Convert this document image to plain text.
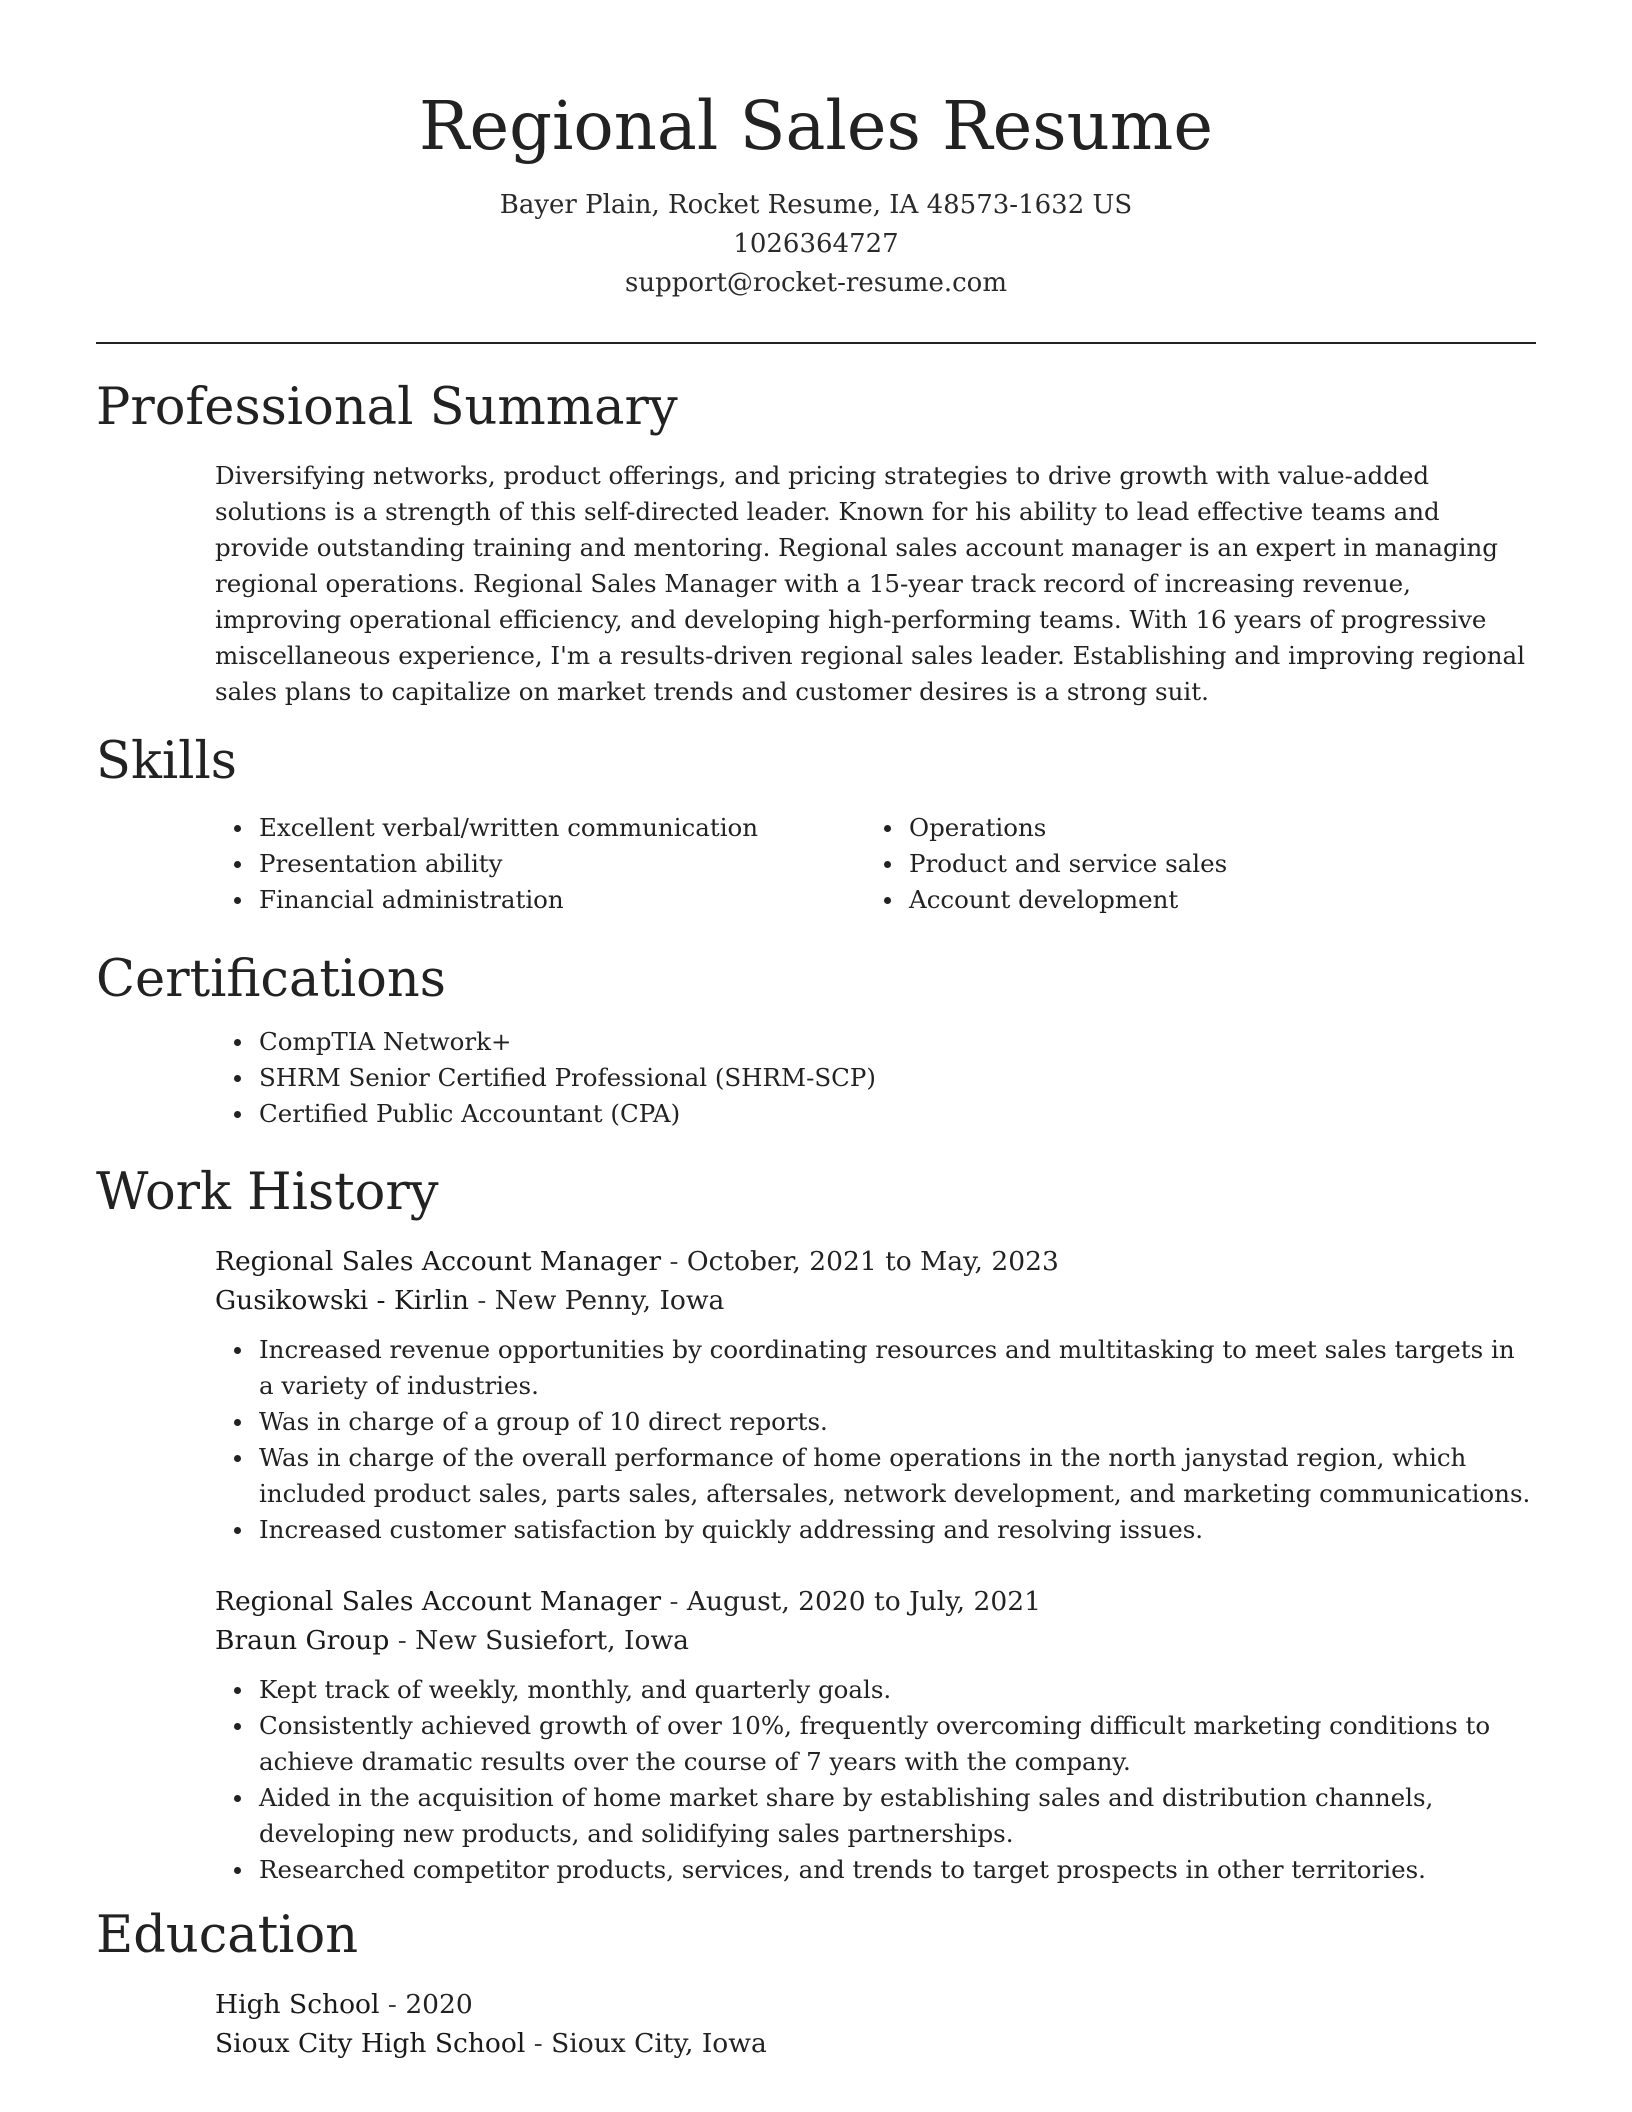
Regional Sales Resume
Bayer Plain, Rocket Resume, IA 48573-1632 US
1026364727
support@rocket-resume.com
Professional Summary

Diversifying networks, product offerings, and pricing strategies to drive growth with value-added solutions is a strength of this self-directed leader. Known for his ability to lead effective teams and provide outstanding training and mentoring. Regional sales account manager is an expert in managing regional operations. Regional Sales Manager with a 15-year track record of increasing revenue, improving operational efficiency, and developing high-performing teams. With 16 years of progressive miscellaneous experience, I'm a results-driven regional sales leader. Establishing and improving regional sales plans to capitalize on market trends and customer desires is a strong suit.

Skills
Excellent verbal/written communication
Presentation ability
Financial administration
Operations
Product and service sales
Account development
Certifications
CompTIA Network+
SHRM Senior Certified Professional (SHRM-SCP)
Certified Public Accountant (CPA)
Work History
Regional Sales Account Manager - October, 2021 to May, 2023
Gusikowski - Kirlin - New Penny, Iowa
Increased revenue opportunities by coordinating resources and multitasking to meet sales targets in a variety of industries.
Was in charge of a group of 10 direct reports.
Was in charge of the overall performance of home operations in the north janystad region, which included product sales, parts sales, aftersales, network development, and marketing communications.
Increased customer satisfaction by quickly addressing and resolving issues.
Regional Sales Account Manager - August, 2020 to July, 2021
Braun Group - New Susiefort, Iowa
Kept track of weekly, monthly, and quarterly goals.
Consistently achieved growth of over 10%, frequently overcoming difficult marketing conditions to achieve dramatic results over the course of 7 years with the company.
Aided in the acquisition of home market share by establishing sales and distribution channels, developing new products, and solidifying sales partnerships.
Researched competitor products, services, and trends to target prospects in other territories.
Education
High School - 2020
Sioux City High School - Sioux City, Iowa
